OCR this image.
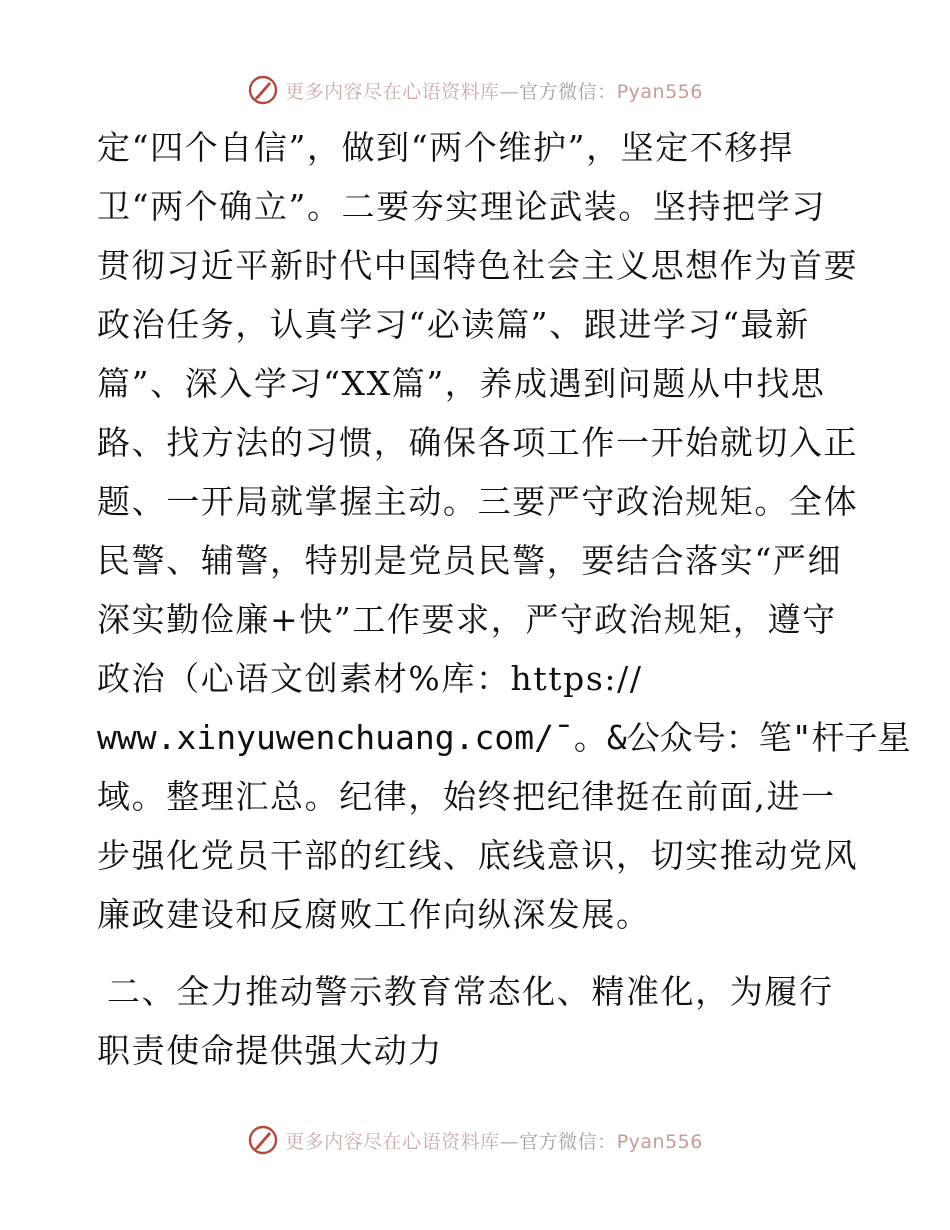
更多内容尽在心语资料库—官方微信：Pyan556
定“四个自信”，做到“两个维护”，坚定不移捍
卫“两个确立”。二要夯实理论武装。坚持把学习
贯彻习近平新时代中国特色社会主义思想作为首要
政治任务，认真学习“必读篇”、跟进学习“最新
篇”、深入学习“XX篇”，养成遇到问题从中找思
路、找方法的习惯，确保各项工作一开始就切入正
题、一开局就掌握主动。三要严守政治规矩。全体
民警、辅警，特别是党员民警，要结合落实“严细
深实勤俭廉+快”工作要求，严守政治规矩，遵守
政治（心语文创素材%库：https://
www.xinyuwenchuang.com/¯。&公众号：笔"杆子星
域。整理汇总。纪律，始终把纪律挺在前面,进一
步强化党员干部的红线、底线意识，切实推动党风
廉政建设和反腐败工作向纵深发展。
二、全力推动警示教育常态化、精准化，为履行
职责使命提供强大动力
更多内容尽在心语资料库—官方微信：Pyan556
